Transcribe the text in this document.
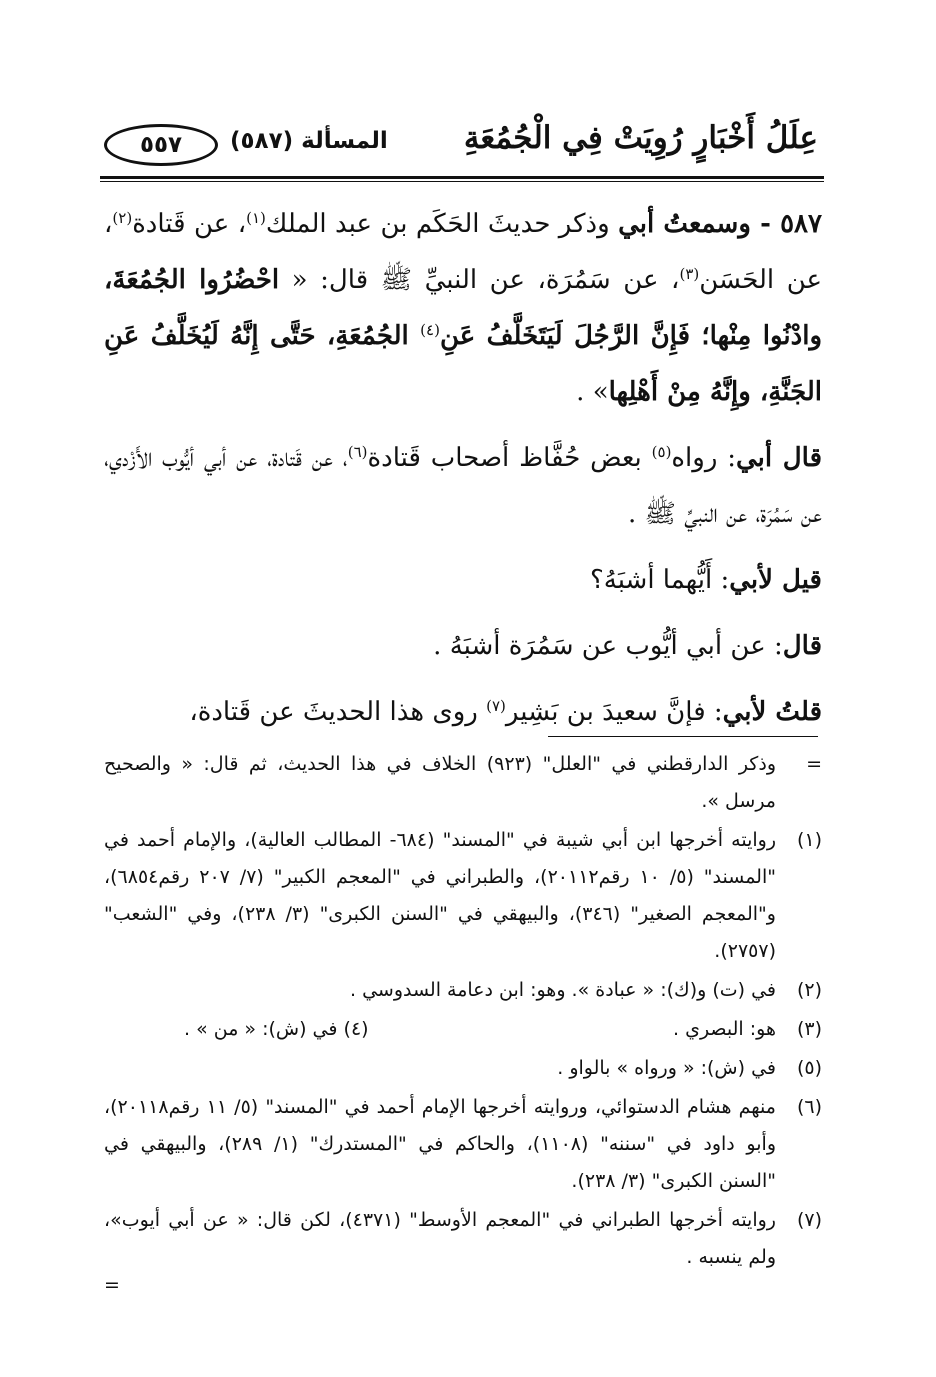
عِلَلُ أَخْبَارٍ رُوِيَتْ فِي الْجُمُعَةِ
المسألة (٥٨٧)
٥٥٧

٥٨٧ - وسمعتُ أبي وذكر حديثَ الحَكَم بن عبد الملك$^{(١)}$، عن قَتادة$^{(٢)}$، عن الحَسَن$^{(٣)}$، عن سَمُرَة، عن النبيِّ ﷺ قال: « احْضُرُوا الجُمُعَةَ، وادْنُوا مِنْها؛ فَإِنَّ الرَّجُلَ لَيَتَخَلَّفُ عَنِ$^{(٤)}$ الجُمُعَةِ، حَتَّى إِنَّهُ لَيُخَلَّفُ عَنِ الجَنَّةِ، وإِنَّهُ مِنْ أَهْلِها» .

قال أبي: رواه$^{(٥)}$ بعض حُفَّاظ أصحاب قَتادة$^{(٦)}$، عن قَتادة، عن أبي أيُّوب الأَزْدي، عن سَمُرَة، عن النبيِّ ﷺ .

قيل لأبي: أَيُّهما أشبَهُ؟

قال: عن أبي أيُّوب عن سَمُرَة أشبَهُ .

قلتُ لأبي: فإنَّ سعيدَ بن بَشِير$^{(٧)}$ روى هذا الحديثَ عن قَتادة،

=
وذكر الدارقطني في "العلل" (٩٢٣) الخلاف في هذا الحديث، ثم قال: « والصحيح مرسل ».
(١)
روايته أخرجها ابن أبي شيبة في "المسند" (٦٨٤- المطالب العالية)، والإمام أحمد في "المسند" (٥/ ١٠ رقم٢٠١١٢)، والطبراني في "المعجم الكبير" (٧/ ٢٠٧ رقم٦٨٥٤)، و"المعجم الصغير" (٣٤٦)، والبيهقي في "السنن الكبرى" (٣/ ٢٣٨)، وفي "الشعب" (٢٧٥٧).
(٢)
في (ت) و(ك): « عبادة ». وهو: ابن دعامة السدوسي .
(٣)
هو: البصري .
(٤) في (ش): « من » .
(٥)
في (ش): « ورواه » بالواو .
(٦)
منهم هشام الدستوائي، وروايته أخرجها الإمام أحمد في "المسند" (٥/ ١١ رقم٢٠١١٨)، وأبو داود في "سننه" (١١٠٨)، والحاكم في "المستدرك" (١/ ٢٨٩)، والبيهقي في "السنن الكبرى" (٣/ ٢٣٨).
(٧)
روايته أخرجها الطبراني في "المعجم الأوسط" (٤٣٧١)، لكن قال: « عن أبي أيوب»، ولم ينسبه .
=
